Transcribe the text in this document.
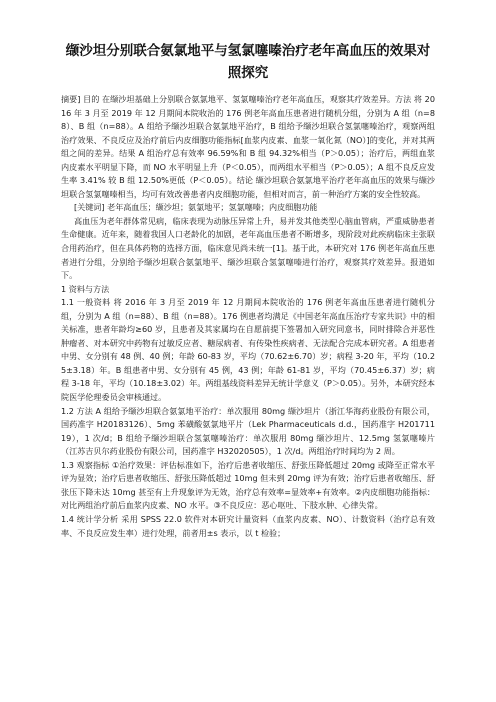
缬沙坦分别联合氨氯地平与氢氯噻嗪治疗老年高血压的效果对照探究

摘要] 目的 在缬沙坦基础上分别联合氨氯地平、氢氯噻嗪治疗老年高血压，观察其疗效差异。方法 将 2016 年 3 月至 2019 年 12 月期间本院收治的 176 例老年高血压患者进行随机分组，分别为 A 组（n=88）、B 组（n=88）。A 组给予缬沙坦联合氨氯地平治疗，B 组给予缬沙坦联合氢氯噻嗪治疗，观察两组治疗效果、不良反应及治疗前后内皮细胞功能指标[血浆内皮素、血浆一氧化氮（NO）]的变化，并对其两组之间的差异。结果 A 组治疗总有效率 96.59%和 B 组 94.32%相当（P＞0.05）；治疗后，两组血浆内皮素水平明显下降，而 NO 水平明显上升（P＜0.05），而两组水平相当（P＞0.05）；A 组不良反应发生率 3.41% 较 B 组 12.50%更低（P＜0.05）。结论 缬沙坦联合氨氯地平治疗老年高血压的效果与缬沙坦联合氢氯噻嗪相当，均可有效改善患者内皮细胞功能，但相对而言，前一种治疗方案的安全性较高。

[关键词] 老年高血压；缬沙坦；氨氯地平；氢氯噻嗪；内皮细胞功能

高血压为老年群体常见病，临床表现为动脉压异常上升，易并发其他类型心脑血管病，严重威胁患者生命健康。近年来，随着我国人口老龄化的加剧，老年高血压患者不断增多，现阶段对此疾病临床主张联合用药治疗，但在具体药物的选择方面，临床意见尚未统一[1]。基于此，本研究对 176 例老年高血压患者进行分组，分别给予缬沙坦联合氨氯地平、缬沙坦联合氢氯噻嗪进行治疗，观察其疗效差异。报道如下。

1 资料与方法

1.1 一般资料 将 2016 年 3 月至 2019 年 12 月期间本院收治的 176 例老年高血压患者进行随机分组，分别为 A 组（n=88）、B 组（n=88）。176 例患者均满足《中国老年高血压治疗专家共识》中的相关标准，患者年龄均≥60 岁，且患者及其家属均在自愿前提下签署加入研究同意书，同时排除合并恶性肿瘤者、对本研究中药物有过敏反应者、糖尿病者、有传染性疾病者、无法配合完成本研究者。A 组患者中男、女分别有 48 例、40 例；年龄 60-83 岁，平均（70.62±6.70）岁；病程 3-20 年，平均（10.25±3.18）年。B 组患者中男、女分别有 45 例，43 例；年龄 61-81 岁，平均（70.45±6.37）岁；病程 3-18 年，平均（10.18±3.02）年。两组基线资料差异无统计学意义（P＞0.05）。另外，本研究经本院医学伦理委员会审核通过。

1.2 方法 A 组给予缬沙坦联合氨氯地平治疗：单次服用 80mg 缬沙坦片（浙江华海药业股份有限公司，国药准字 H20183126）、5mg 苯磺酸氨氯地平片（Lek Pharmaceuticals d.d.，国药准字 H20171119），1 次/d；B 组给予缬沙坦联合氢氯噻嗪治疗：单次服用 80mg 缬沙坦片、12.5mg 氢氯噻嗪片（江苏吉贝尔药业股份有限公司，国药准字 H32020505），1 次/d。两组治疗时间均为 2 周。

1.3 观察指标 ①治疗效果：评估标准如下，治疗后患者收缩压、舒张压降低超过 20mg 或降至正常水平评为显效；治疗后患者收缩压、舒张压降低超过 10mg 但未到 20mg 评为有效；治疗后患者收缩压、舒张压下降未达 10mg 甚至有上升现象评为无效，治疗总有效率=显效率+有效率。②内皮细胞功能指标：对比两组治疗前后血浆内皮素、NO 水平。③不良反应：恶心呕吐、下肢水肿、心律失常。

1.4 统计学分析 采用 SPSS 22.0 软件对本研究计量资料（血浆内皮素、NO）、计数资料（治疗总有效率、不良反应发生率）进行处理，前者用±s 表示，以 t 检验；
